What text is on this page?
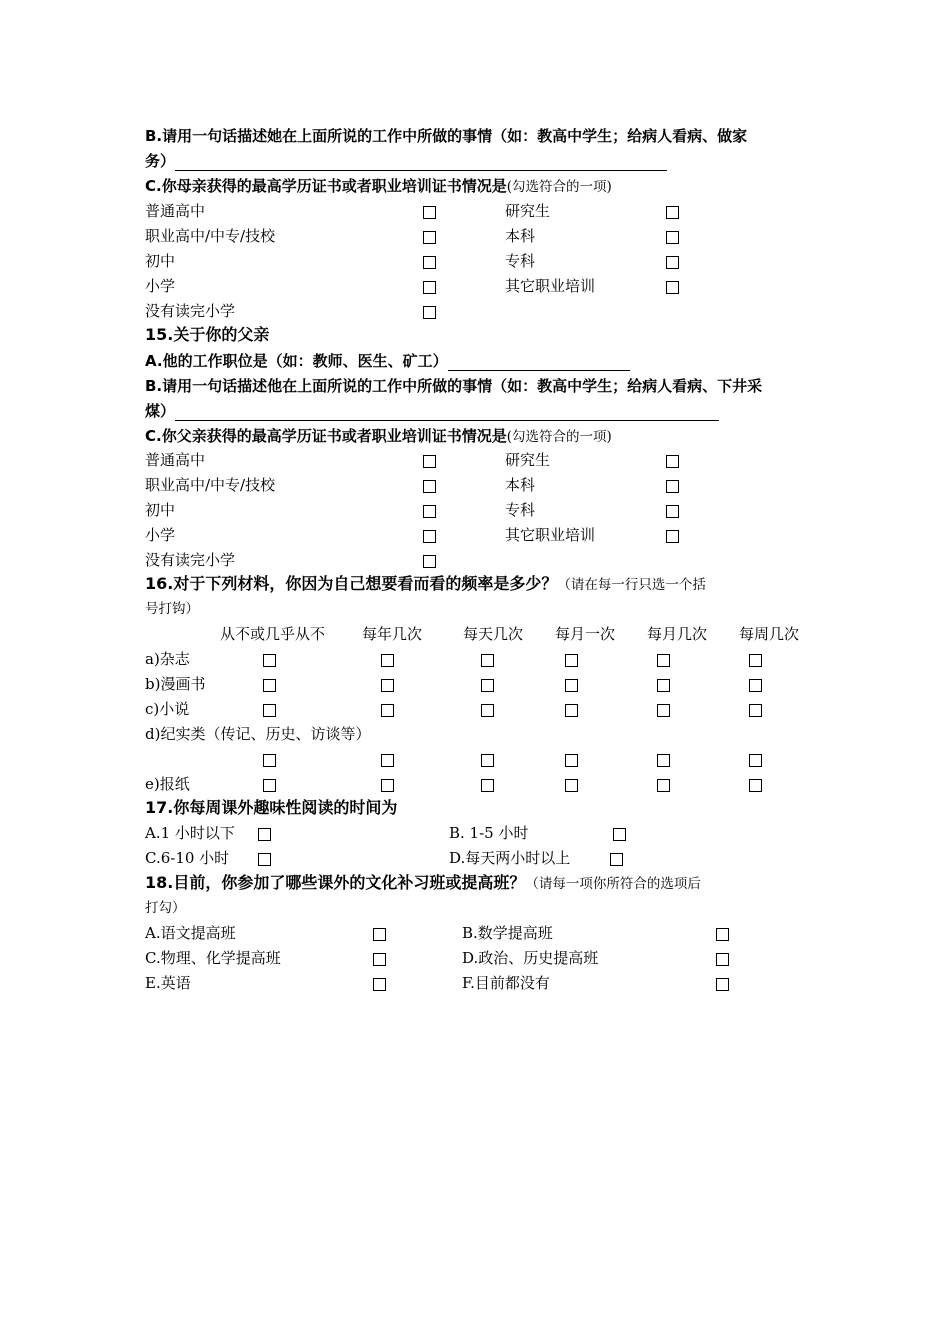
B.请用一句话描述她在上面所说的工作中所做的事情（如：教高中学生；给病人看病、做家
务）
C.你母亲获得的最高学历证书或者职业培训证书情况是(勾选符合的一项)
普通高中	研究生
职业高中/中专/技校	本科
初中	专科
小学	其它职业培训
没有读完小学
15.关于你的父亲
A.他的工作职位是（如：教师、医生、矿工）
B.请用一句话描述他在上面所说的工作中所做的事情（如：教高中学生；给病人看病、下井采
煤）
C.你父亲获得的最高学历证书或者职业培训证书情况是(勾选符合的一项)
普通高中	研究生
职业高中/中专/技校	本科
初中	专科
小学	其它职业培训
没有读完小学
16.对于下列材料，你因为自己想要看而看的频率是多少？（请在每一行只选一个括
号打钩）
从不或几乎从不 每年几次	每天几次 每月一次 每月几次 每周几次
a)杂志
b)漫画书
c)小说
d)纪实类（传记、历史、访谈等）
e)报纸
17.你每周课外趣味性阅读的时间为
A.1 小时以下	B. 1-5 小时
C.6-10 小时	D.每天两小时以上
18.目前，你参加了哪些课外的文化补习班或提高班？（请每一项你所符合的选项后
打勾）
A.语文提高班	B.数学提高班
C.物理、化学提高班	D.政治、历史提高班
E.英语	F.目前都没有
